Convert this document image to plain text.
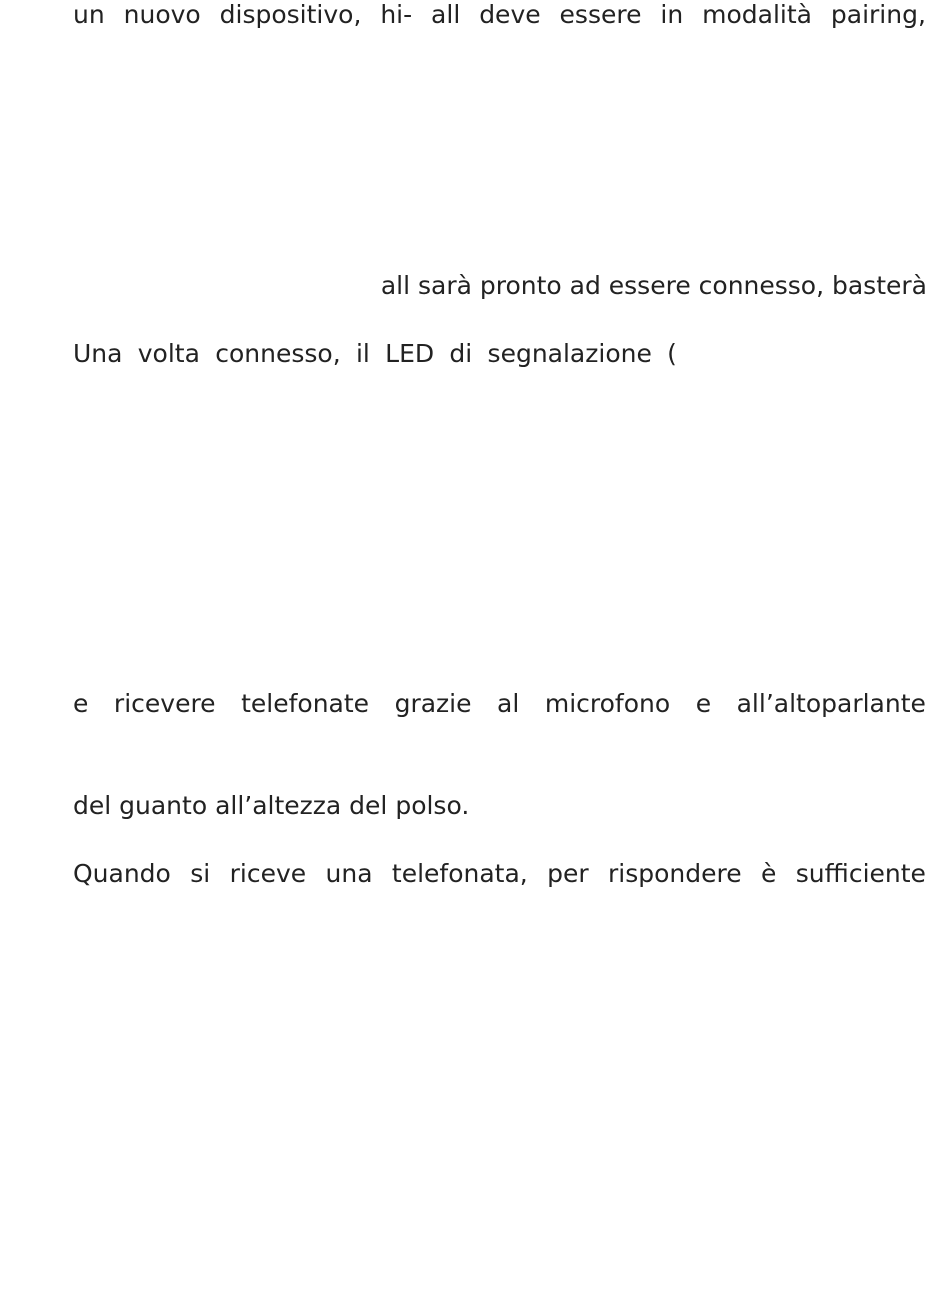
un nuovo dispositivo, hi- all deve essere in modalità pairing,

all sarà pronto ad essere connesso, basterà

Una volta connesso, il LED di segnalazione (

e ricevere telefonate grazie al microfono e all’altoparlante

del guanto all’altezza del polso.

Quando si riceve una telefonata, per rispondere è sufficiente
